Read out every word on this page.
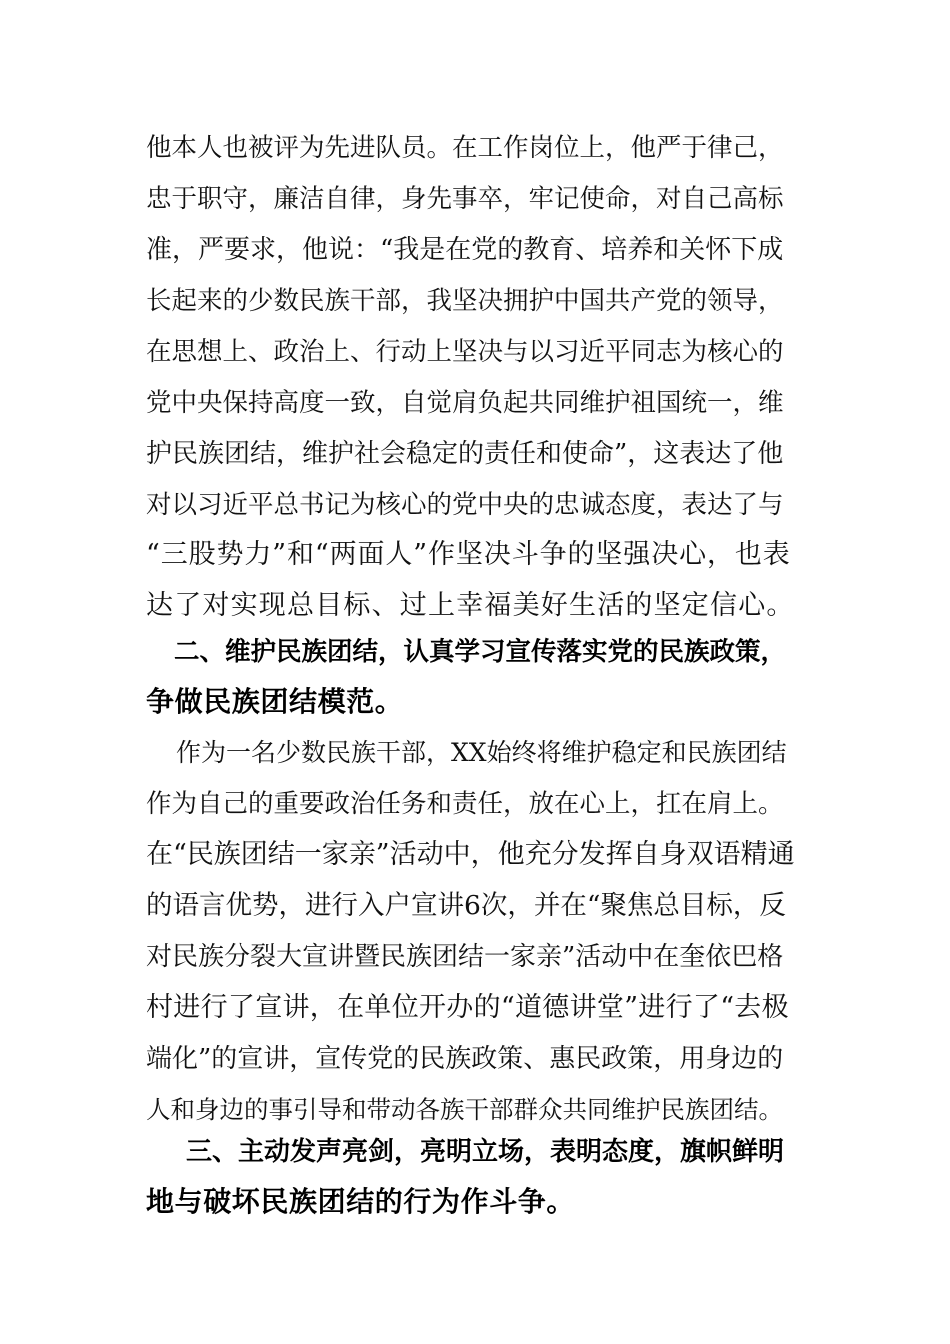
他本人也被评为先进队员。在工作岗位上，他严于律己，
忠于职守，廉洁自律，身先事卒，牢记使命，对自己高标
准，严要求，他说：“我是在党的教育、培养和关怀下成
长起来的少数民族干部，我坚决拥护中国共产党的领导，
在思想上、政治上、行动上坚决与以习近平同志为核心的
党中央保持高度一致，自觉肩负起共同维护祖国统一，维
护民族团结，维护社会稳定的责任和使命”，这表达了他
对以习近平总书记为核心的党中央的忠诚态度，表达了与
“三股势力”和“两面人”作坚决斗争的坚强决心，也表
达了对实现总目标、过上幸福美好生活的坚定信心。
二、维护民族团结，认真学习宣传落实党的民族政策，
争做民族团结模范。
作为一名少数民族干部，XX始终将维护稳定和民族团结
作为自己的重要政治任务和责任，放在心上，扛在肩上。
在“民族团结一家亲”活动中，他充分发挥自身双语精通
的语言优势，进行入户宣讲6次，并在“聚焦总目标，反
对民族分裂大宣讲暨民族团结一家亲”活动中在奎依巴格
村进行了宣讲，在单位开办的“道德讲堂”进行了“去极
端化”的宣讲，宣传党的民族政策、惠民政策，用身边的
人和身边的事引导和带动各族干部群众共同维护民族团结。
三、主动发声亮剑，亮明立场，表明态度，旗帜鲜明
地与破坏民族团结的行为作斗争。
